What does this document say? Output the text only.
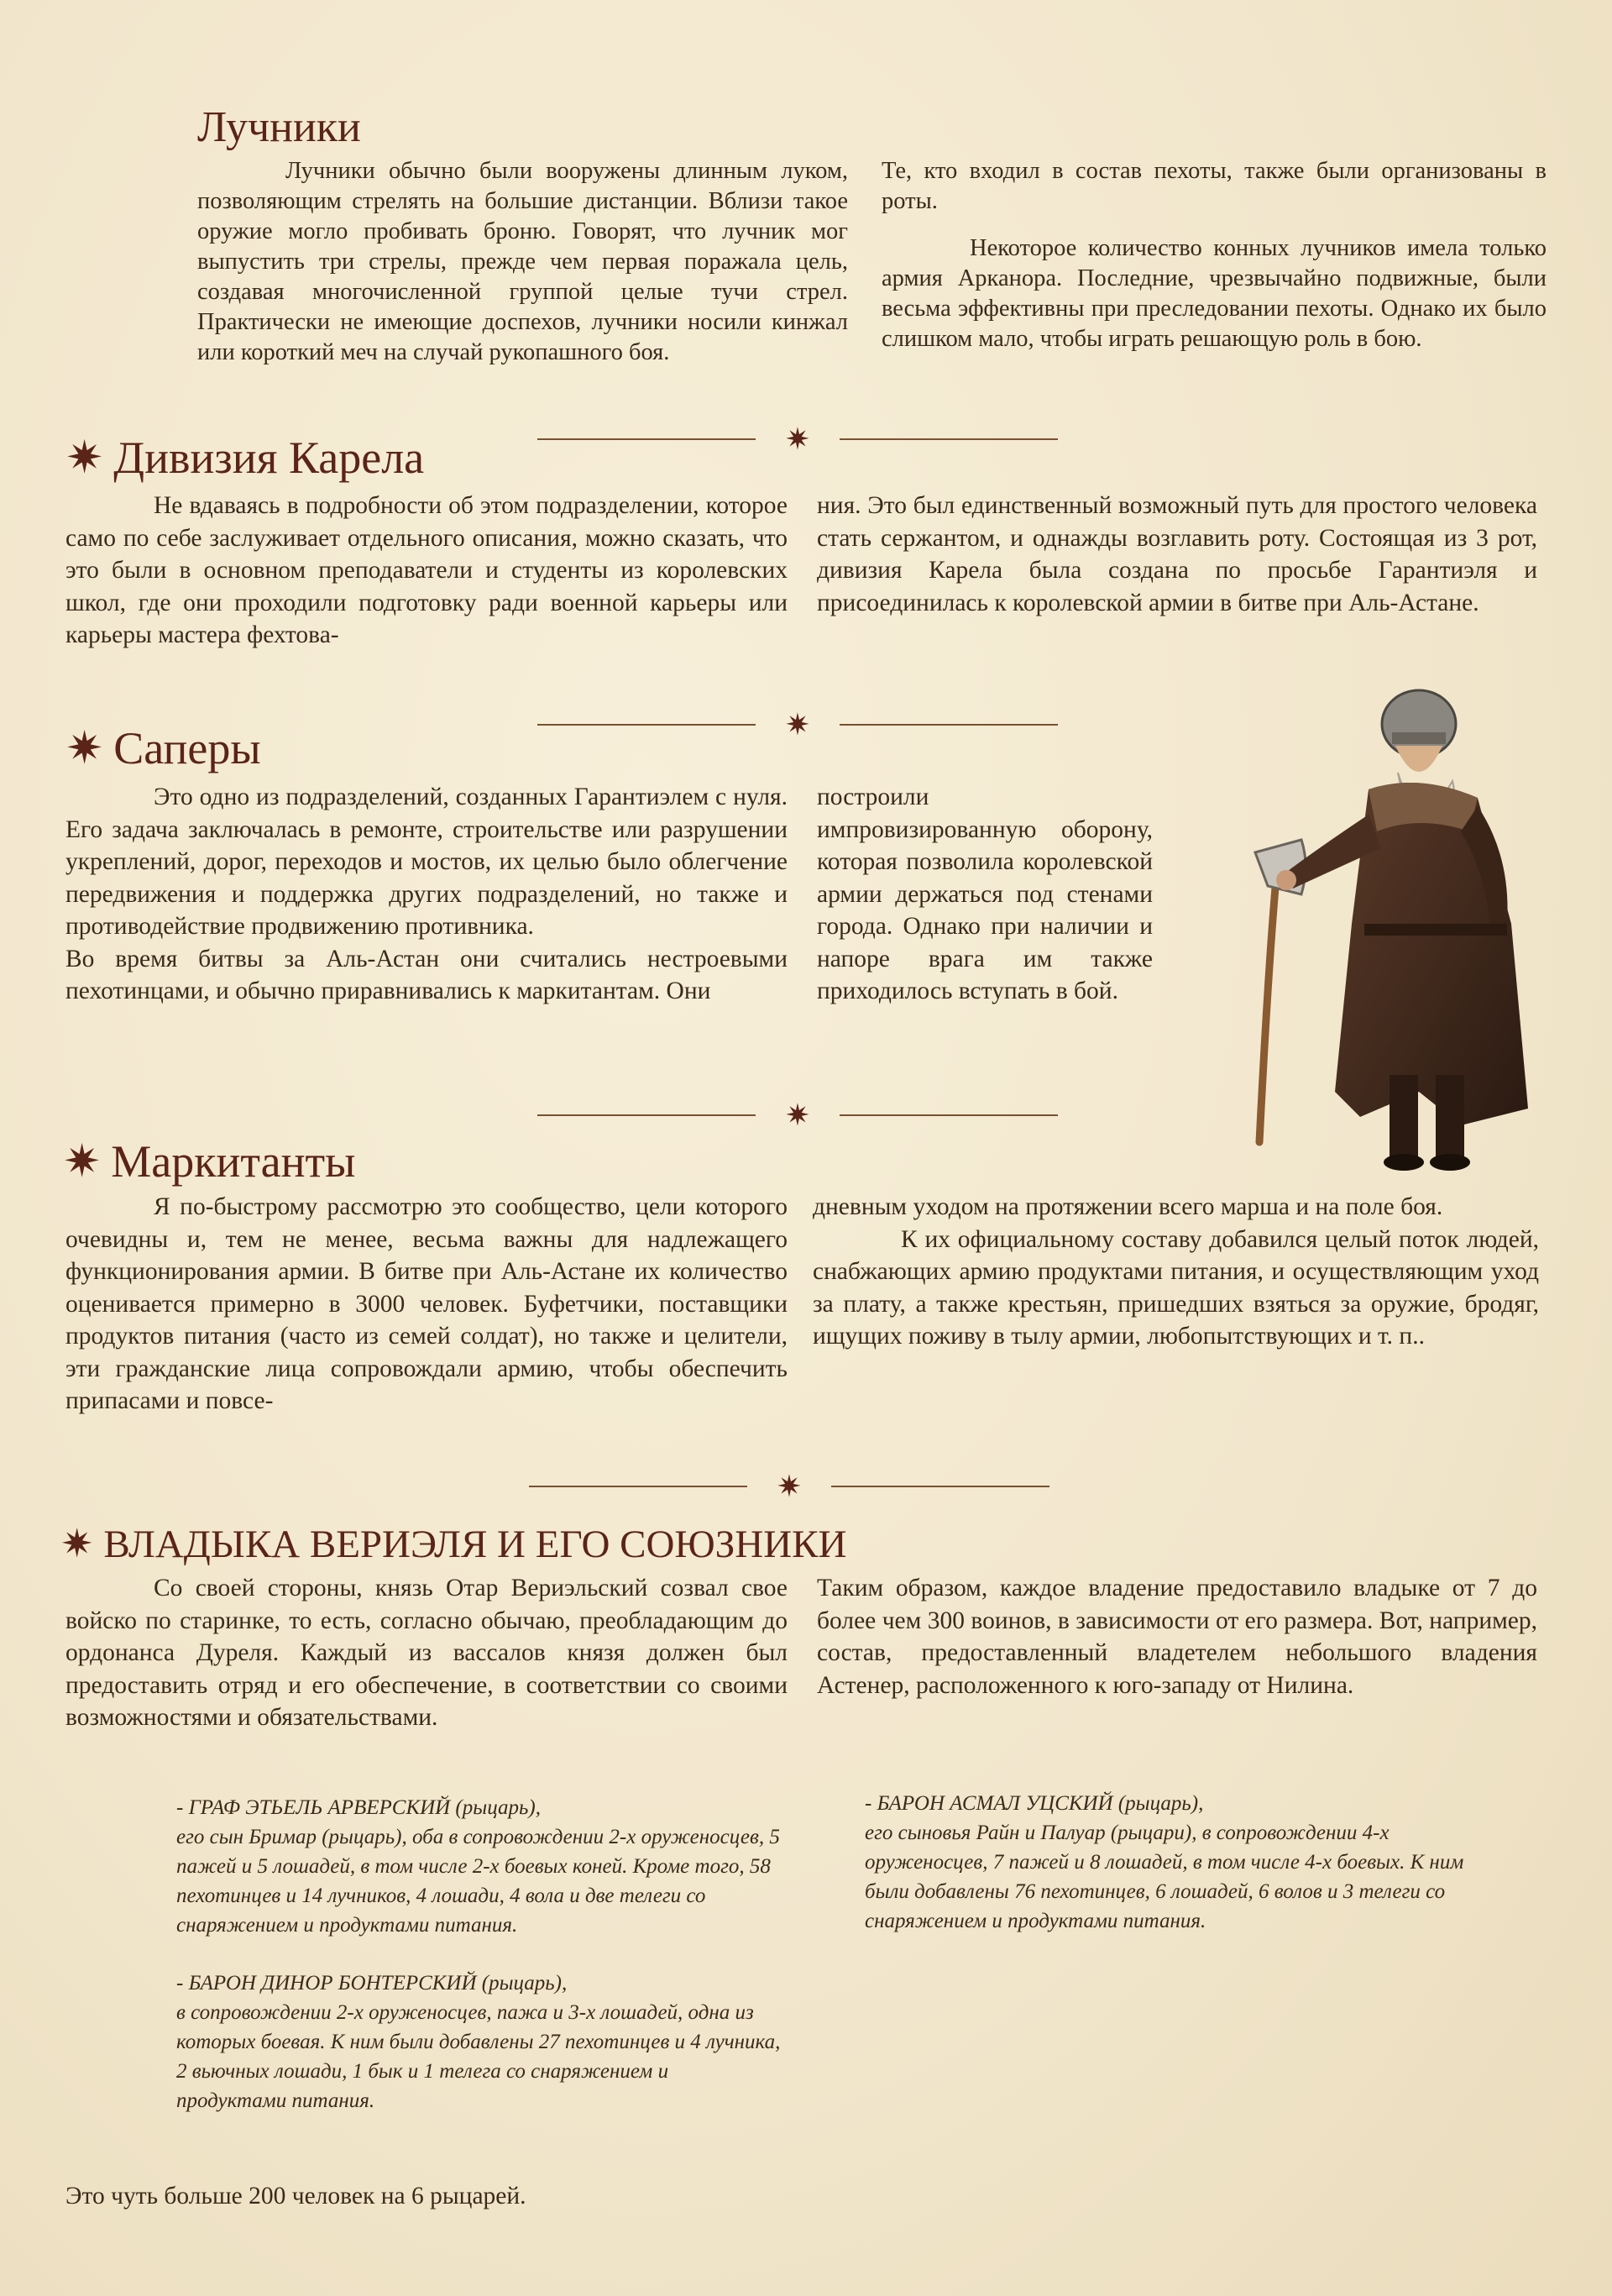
Лучники

Лучники обычно были вооружены длинным луком, позволяющим стрелять на большие дистанции. Вблизи такое оружие могло пробивать броню. Говорят, что лучник мог выпустить три стрелы, прежде чем первая поражала цель, создавая многочисленной группой целые тучи стрел. Практически не имеющие доспехов, лучники носили кинжал или короткий меч на случай рукопашного боя.

Те, кто входил в состав пехоты, также были организованы в роты.

Некоторое количество конных лучников имела только армия Арканора. Последние, чрезвычайно подвижные, были весьма эффективны при преследовании пехоты. Однако их было слишком мало, чтобы играть решающую роль в бою.

✷
✷ Дивизия Карела

Не вдаваясь в подробности об этом подразделении, которое само по себе заслуживает отдельного описания, можно сказать, что это были в основном преподаватели и студенты из королевских школ, где они проходили подготовку ради военной карьеры или карьеры мастера фехтова-

ния. Это был единственный возможный путь для простого человека стать сержантом, и однажды возглавить роту. Состоящая из 3 рот, дивизия Карела была создана по просьбе Гарантиэля и присоединилась к королевской армии в битве при Аль-Астане.

✷
✷ Саперы

Это одно из подразделений, созданных Гарантиэлем с нуля. Его задача заключалась в ремонте, строительстве или разрушении укреплений, дорог, переходов и мостов, их целью было облегчение передвижения и поддержка других подразделений, но также и противодействие продвижению противника.

Во время битвы за Аль-Астан они считались нестроевыми пехотинцами, и обычно приравнивались к маркитантам. Они

построили импровизированную оборону, которая позволила королевской армии держаться под стенами города. Однако при наличии и напоре врага им также приходилось вступать в бой.

✷
✷ Маркитанты

Я по-быстрому рассмотрю это сообщество, цели которого очевидны и, тем не менее, весьма важны для надлежащего функционирования армии. В битве при Аль-Астане их количество оценивается примерно в 3000 человек. Буфетчики, поставщики продуктов питания (часто из семей солдат), но также и целители, эти гражданские лица сопровождали армию, чтобы обеспечить припасами и повсе-

дневным уходом на протяжении всего марша и на поле боя.

К их официальному составу добавился целый поток людей, снабжающих армию продуктами питания, и осуществляющим уход за плату, а также крестьян, пришедших взяться за оружие, бродяг, ищущих поживу в тылу армии, любопытствующих и т. п..

✷
✷ ВЛАДЫКА ВЕРИЭЛЯ И ЕГО СОЮЗНИКИ

Со своей стороны, князь Отар Вериэльский созвал свое войско по старинке, то есть, согласно обычаю, преобладающим до ордонанса Дуреля. Каждый из вассалов князя должен был предоставить отряд и его обеспечение, в соответствии со своими возможностями и обязательствами.

Таким образом, каждое владение предоставило владыке от 7 до более чем 300 воинов, в зависимости от его размера. Вот, например, состав, предоставленный владетелем небольшого владения Астенер, расположенного к юго-западу от Нилина.

- ГРАФ ЭТЬЕЛЬ АРВЕРСКИЙ (рыцарь),
его сын Бримар (рыцарь), оба в сопровождении 2-х оруженосцев, 5 пажей и 5 лошадей, в том числе 2-х боевых коней. Кроме того, 58 пехотинцев и 14 лучников, 4 лошади, 4 вола и две телеги со снаряжением и продуктами питания.

- БАРОН ДИНОР БОНТЕРСКИЙ (рыцарь),
в сопровождении 2-х оруженосцев, пажа и 3-х лошадей, одна из которых боевая. К ним были добавлены 27 пехотинцев и 4 лучника, 2 вьючных лошади, 1 бык и 1 телега со снаряжением и продуктами питания.

- БАРОН АСМАЛ УЦСКИЙ (рыцарь),
его сыновья Райн и Палуар (рыцари), в сопровождении 4-х оруженосцев, 7 пажей и 8 лошадей, в том числе 4-х боевых. К ним были добавлены 76 пехотинцев, 6 лошадей, 6 волов и 3 телеги со снаряжением и продуктами питания.

Это чуть больше 200 человек на 6 рыцарей.
